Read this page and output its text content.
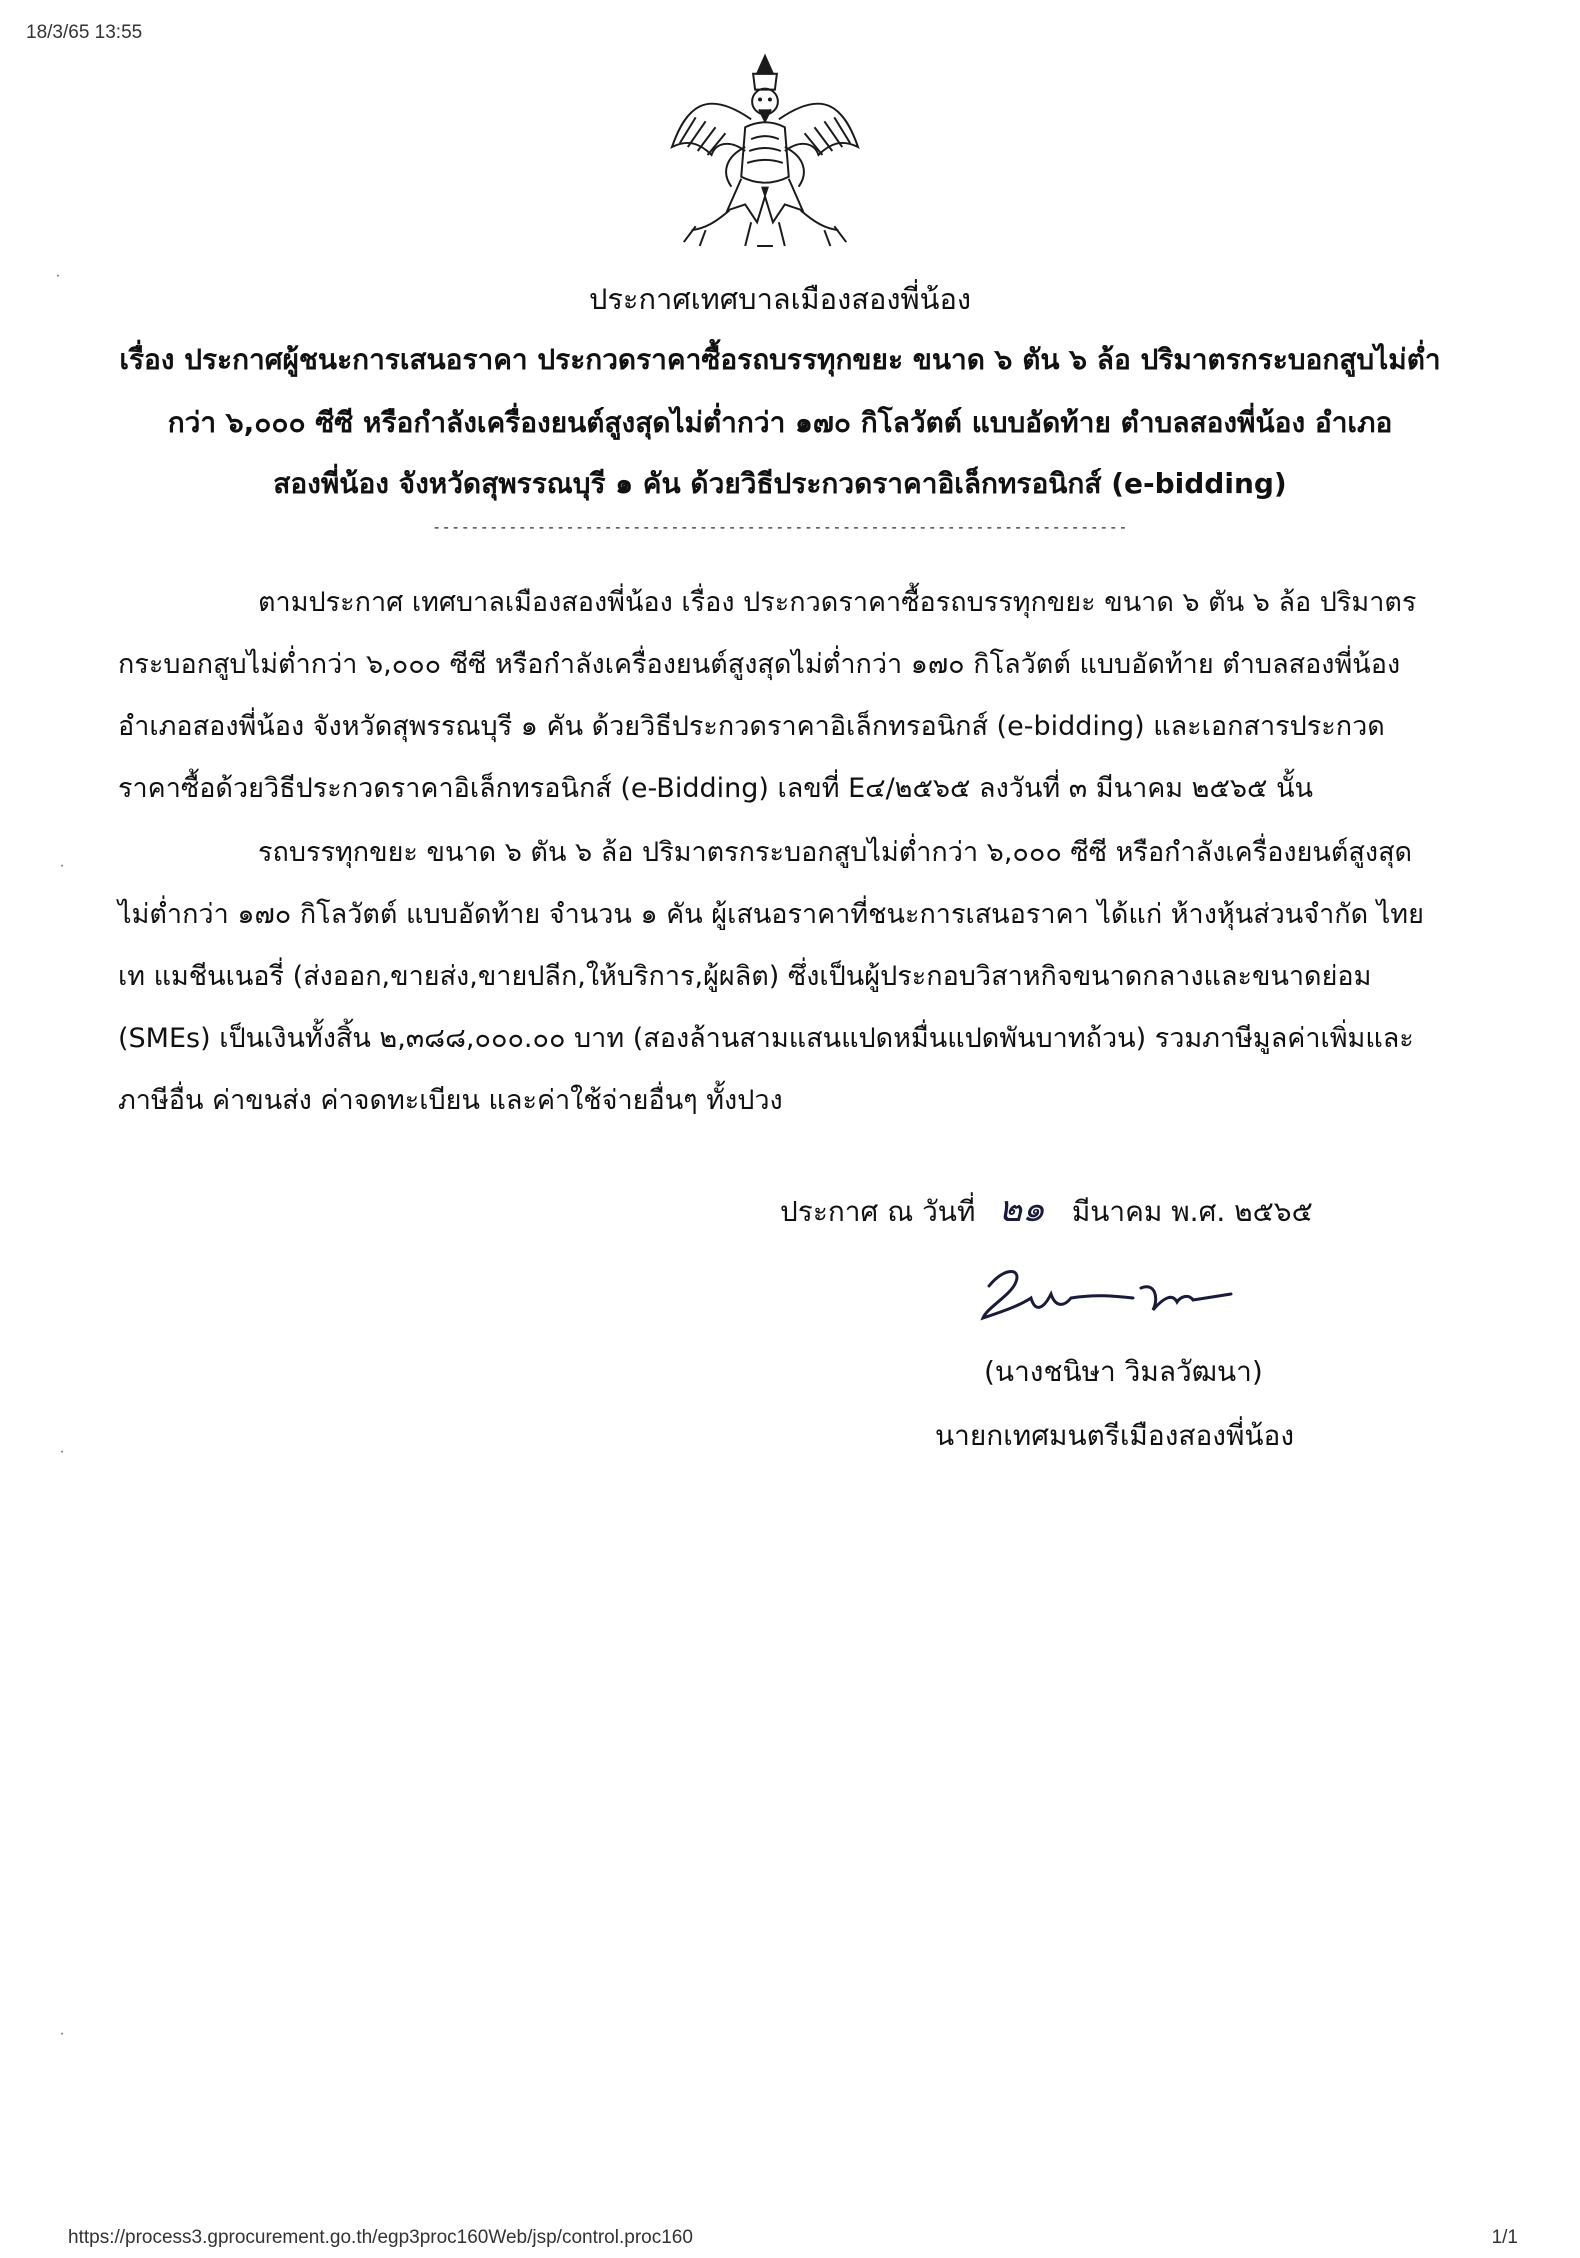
18/3/65 13:55
ประกาศเทศบาลเมืองสองพี่น้อง
เรื่อง ประกาศผู้ชนะการเสนอราคา ประกวดราคาซื้อรถบรรทุกขยะ ขนาด ๖ ตัน ๖ ล้อ ปริมาตรกระบอกสูบไม่ต่ำ
กว่า ๖,๐๐๐ ซีซี หรือกำลังเครื่องยนต์สูงสุดไม่ต่ำกว่า ๑๗๐ กิโลวัตต์ แบบอัดท้าย ตำบลสองพี่น้อง อำเภอ
สองพี่น้อง จังหวัดสุพรรณบุรี ๑ คัน ด้วยวิธีประกวดราคาอิเล็กทรอนิกส์ (e-bidding)
-------------------------------------------------------------------------
ตามประกาศ เทศบาลเมืองสองพี่น้อง เรื่อง ประกวดราคาซื้อรถบรรทุกขยะ ขนาด ๖ ตัน ๖ ล้อ ปริมาตร
กระบอกสูบไม่ต่ำกว่า ๖,๐๐๐ ซีซี หรือกำลังเครื่องยนต์สูงสุดไม่ต่ำกว่า ๑๗๐ กิโลวัตต์ แบบอัดท้าย ตำบลสองพี่น้อง
อำเภอสองพี่น้อง จังหวัดสุพรรณบุรี ๑ คัน ด้วยวิธีประกวดราคาอิเล็กทรอนิกส์ (e-bidding) และเอกสารประกวด
ราคาซื้อด้วยวิธีประกวดราคาอิเล็กทรอนิกส์ (e-Bidding) เลขที่ E๔/๒๕๖๕ ลงวันที่ ๓ มีนาคม ๒๕๖๕ นั้น
รถบรรทุกขยะ ขนาด ๖ ตัน ๖ ล้อ ปริมาตรกระบอกสูบไม่ต่ำกว่า ๖,๐๐๐ ซีซี หรือกำลังเครื่องยนต์สูงสุด
ไม่ต่ำกว่า ๑๗๐ กิโลวัตต์ แบบอัดท้าย จำนวน ๑ คัน ผู้เสนอราคาที่ชนะการเสนอราคา ได้แก่ ห้างหุ้นส่วนจำกัด ไทย
เท แมชีนเนอรี่ (ส่งออก,ขายส่ง,ขายปลีก,ให้บริการ,ผู้ผลิต) ซึ่งเป็นผู้ประกอบวิสาหกิจขนาดกลางและขนาดย่อม
(SMEs) เป็นเงินทั้งสิ้น ๒,๓๘๘,๐๐๐.๐๐ บาท (สองล้านสามแสนแปดหมื่นแปดพันบาทถ้วน) รวมภาษีมูลค่าเพิ่มและ
ภาษีอื่น ค่าขนส่ง ค่าจดทะเบียน และค่าใช้จ่ายอื่นๆ ทั้งปวง
ประกาศ ณ วันที่ ๒๑ มีนาคม พ.ศ. ๒๕๖๕
(นางชนิษา วิมลวัฒนา)
นายกเทศมนตรีเมืองสองพี่น้อง
˙
˙
˙
˙
https://process3.gprocurement.go.th/egp3proc160Web/jsp/control.proc160	1/1
